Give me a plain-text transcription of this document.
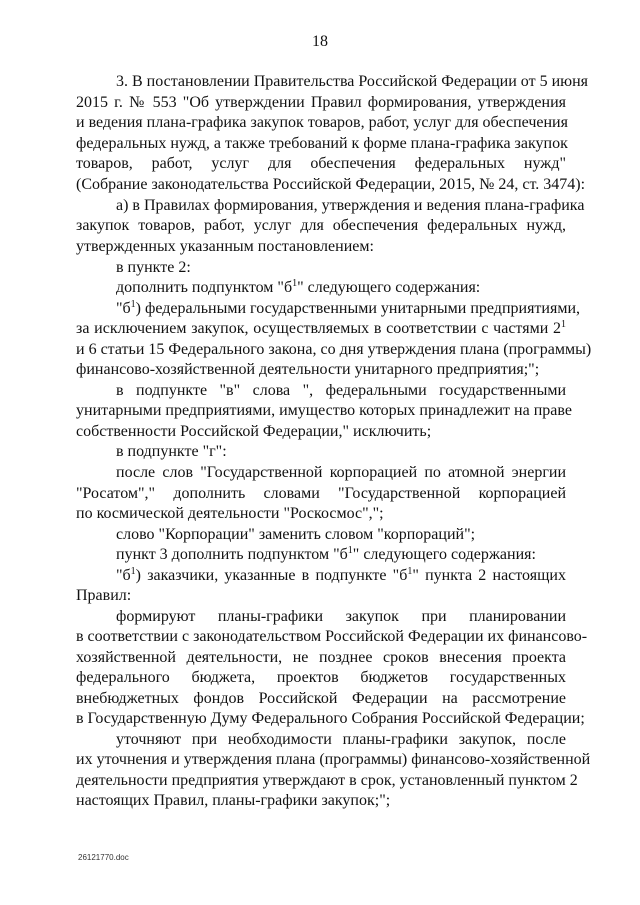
18
3. В постановлении Правительства Российской Федерации от 5 июня
2015 г. № 553 "Об утверждении Правил формирования, утверждения
и ведения плана-графика закупок товаров, работ, услуг для обеспечения
федеральных нужд, а также требований к форме плана-графика закупок
товаров, работ, услуг для обеспечения федеральных нужд"
(Собрание законодательства Российской Федерации, 2015, № 24, ст. 3474):
а) в Правилах формирования, утверждения и ведения плана-графика
закупок товаров, работ, услуг для обеспечения федеральных нужд,
утвержденных указанным постановлением:
в пункте 2:
дополнить подпунктом "$б^1$" следующего содержания:
"$б^1$) федеральными государственными унитарными предприятиями,
за исключением закупок, осуществляемых в соответствии с частями $2^1$
и 6 статьи 15 Федерального закона, со дня утверждения плана (программы)
финансово-хозяйственной деятельности унитарного предприятия;";
в подпункте "в" слова ", федеральными государственными
унитарными предприятиями, имущество которых принадлежит на праве
собственности Российской Федерации," исключить;
в подпункте "г":
после слов "Государственной корпорацией по атомной энергии
"Росатом"," дополнить словами "Государственной корпорацией
по космической деятельности "Роскосмос",";
слово "Корпорации" заменить словом "корпораций";
пункт 3 дополнить подпунктом "$б^1$" следующего содержания:
"$б^1$) заказчики, указанные в подпункте "$б^1$" пункта 2 настоящих
Правил:
формируют планы-графики закупок при планировании
в соответствии с законодательством Российской Федерации их финансово-
хозяйственной деятельности, не позднее сроков внесения проекта
федерального бюджета, проектов бюджетов государственных
внебюджетных фондов Российской Федерации на рассмотрение
в Государственную Думу Федерального Собрания Российской Федерации;
уточняют при необходимости планы-графики закупок, после
их уточнения и утверждения плана (программы) финансово-хозяйственной
деятельности предприятия утверждают в срок, установленный пунктом 2
настоящих Правил, планы-графики закупок;";
26121770.doc
